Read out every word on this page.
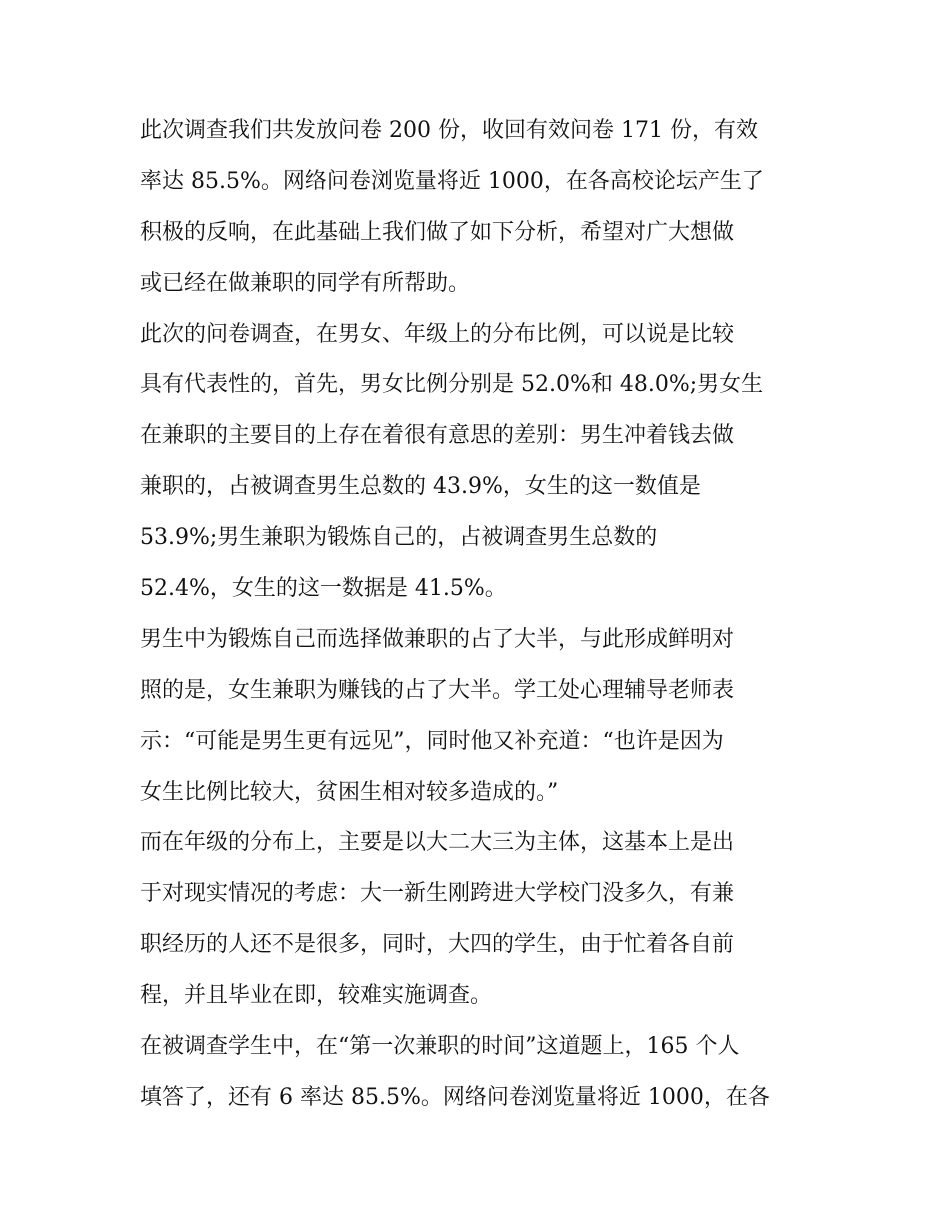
此次调查我们共发放问卷 200 份，收回有效问卷 171 份，有效
率达 85.5%。网络问卷浏览量将近 1000，在各高校论坛产生了
积极的反响，在此基础上我们做了如下分析，希望对广大想做
或已经在做兼职的同学有所帮助。
此次的问卷调查，在男女、年级上的分布比例，可以说是比较
具有代表性的，首先，男女比例分别是 52.0%和 48.0%;男女生
在兼职的主要目的上存在着很有意思的差别：男生冲着钱去做
兼职的，占被调查男生总数的 43.9%，女生的这一数值是
53.9%;男生兼职为锻炼自己的，占被调查男生总数的
52.4%，女生的这一数据是 41.5%。
男生中为锻炼自己而选择做兼职的占了大半，与此形成鲜明对
照的是，女生兼职为赚钱的占了大半。学工处心理辅导老师表
示：“可能是男生更有远见”，同时他又补充道：“也许是因为
女生比例比较大，贫困生相对较多造成的。”
而在年级的分布上，主要是以大二大三为主体，这基本上是出
于对现实情况的考虑：大一新生刚跨进大学校门没多久，有兼
职经历的人还不是很多，同时，大四的学生，由于忙着各自前
程，并且毕业在即，较难实施调查。
在被调查学生中，在“第一次兼职的时间”这道题上，165 个人
填答了，还有 6 率达 85.5%。网络问卷浏览量将近 1000，在各
